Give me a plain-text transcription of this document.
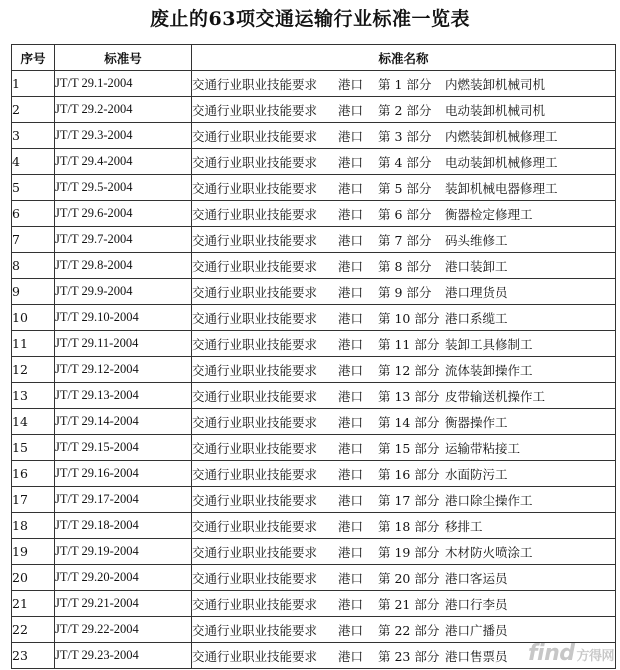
废止的63项交通运输行业标准一览表
序号	标准号	标准名称
1	JT/T 29.1-2004	交通行业职业技能要求 港口 第 1 部分 内燃装卸机械司机
2	JT/T 29.2-2004	交通行业职业技能要求 港口 第 2 部分 电动装卸机械司机
3	JT/T 29.3-2004	交通行业职业技能要求 港口 第 3 部分 内燃装卸机械修理工
4	JT/T 29.4-2004	交通行业职业技能要求 港口 第 4 部分 电动装卸机械修理工
5	JT/T 29.5-2004	交通行业职业技能要求 港口 第 5 部分 装卸机械电器修理工
6	JT/T 29.6-2004	交通行业职业技能要求 港口 第 6 部分 衡器检定修理工
7	JT/T 29.7-2004	交通行业职业技能要求 港口 第 7 部分 码头维修工
8	JT/T 29.8-2004	交通行业职业技能要求 港口 第 8 部分 港口装卸工
9	JT/T 29.9-2004	交通行业职业技能要求 港口 第 9 部分 港口理货员
10	JT/T 29.10-2004	交通行业职业技能要求 港口 第 10 部分 港口系缆工
11	JT/T 29.11-2004	交通行业职业技能要求 港口 第 11 部分 装卸工具修制工
12	JT/T 29.12-2004	交通行业职业技能要求 港口 第 12 部分 流体装卸操作工
13	JT/T 29.13-2004	交通行业职业技能要求 港口 第 13 部分 皮带输送机操作工
14	JT/T 29.14-2004	交通行业职业技能要求 港口 第 14 部分 衡器操作工
15	JT/T 29.15-2004	交通行业职业技能要求 港口 第 15 部分 运输带粘接工
16	JT/T 29.16-2004	交通行业职业技能要求 港口 第 16 部分 水面防污工
17	JT/T 29.17-2004	交通行业职业技能要求 港口 第 17 部分 港口除尘操作工
18	JT/T 29.18-2004	交通行业职业技能要求 港口 第 18 部分 移排工
19	JT/T 29.19-2004	交通行业职业技能要求 港口 第 19 部分 木材防火喷涂工
20	JT/T 29.20-2004	交通行业职业技能要求 港口 第 20 部分 港口客运员
21	JT/T 29.21-2004	交通行业职业技能要求 港口 第 21 部分 港口行李员
22	JT/T 29.22-2004	交通行业职业技能要求 港口 第 22 部分 港口广播员
23	JT/T 29.23-2004	交通行业职业技能要求 港口 第 23 部分 港口售票员 find 方得网
